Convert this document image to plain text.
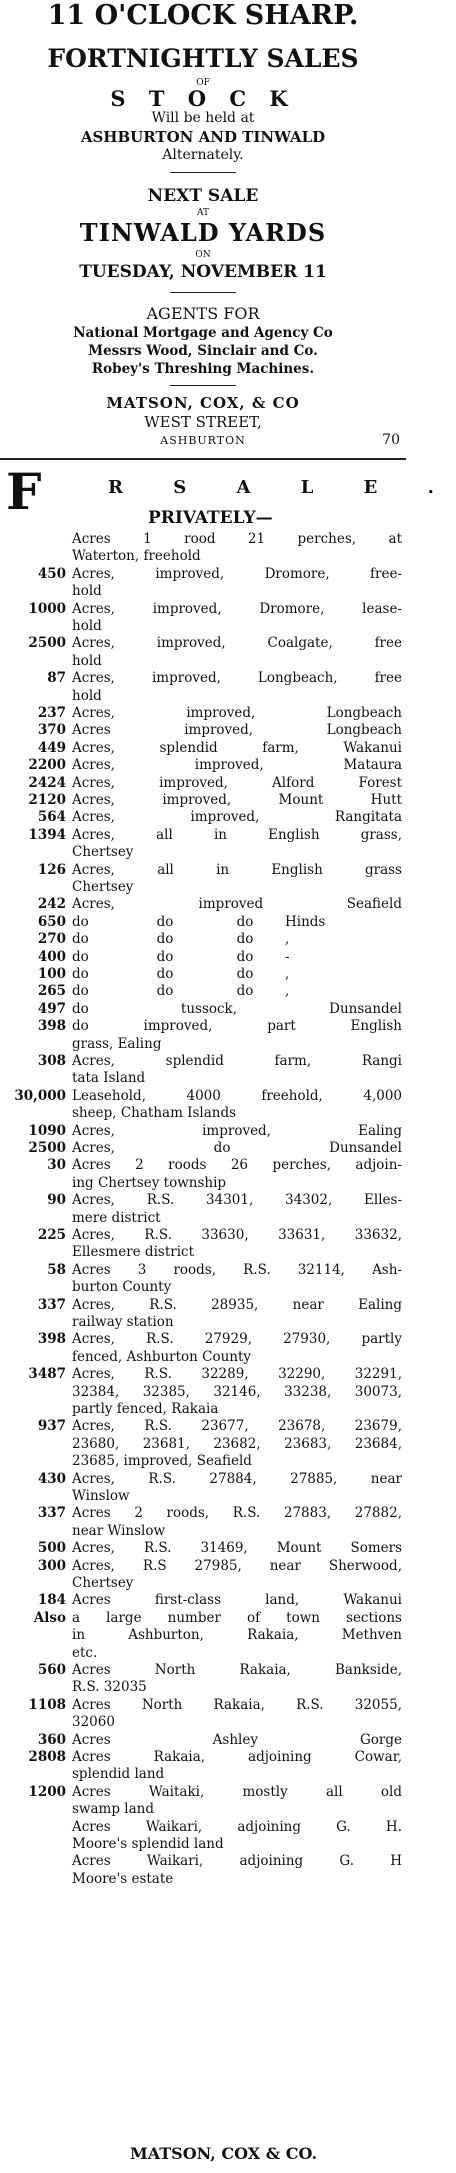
11 O'CLOCK SHARP.
FORTNIGHTLY SALES
OF
S T O C K
Will be held at
ASHBURTON AND TINWALD
Alternately.
NEXT SALE
AT
TINWALD YARDS
ON
TUESDAY, NOVEMBER 11
AGENTS FOR
National Mortgage and Agency Co
Messrs Wood, Sinclair and Co.
Robey's Threshing Machines.
MATSON, COX, & CO
WEST STREET,
ASHBURTON	70
F	R S A L E .
PRIVATELY—
Acres 1 rood 21 perches, at
Waterton, freehold
450 Acres, improved, Dromore, free-
hold
1000 Acres, improved, Dromore, lease-
hold
2500 Acres, improved, Coalgate, free
hold
87 Acres, improved, Longbeach, free
hold
237 Acres, improved, Longbeach
370 Acres improved, Longbeach
449 Acres, splendid farm, Wakanui
2200 Acres, improved, Mataura
2424 Acres, improved, Alford Forest
2120 Acres, improved, Mount Hutt
564 Acres, improved, Rangitata
1394 Acres, all in English grass,
Chertsey
126 Acres, all in English grass
Chertsey
242 Acres, improved Seafield
650 do	do	do	Hinds
270 do	do	do	,
400 do	do	do	-
100 do	do	do	,
265 do	do	do	,
497 do tussock, Dunsandel
398 do improved, part English
grass, Ealing
308 Acres, splendid farm, Rangi
tata Island
30,000 Leasehold, 4000 freehold, 4,000
sheep, Chatham Islands
1090 Acres, improved, Ealing
2500 Acres, do Dunsandel
30 Acres 2 roods 26 perches, adjoin-
ing Chertsey township
90 Acres, R.S. 34301, 34302, Elles-
mere district
225 Acres, R.S. 33630, 33631, 33632,
Ellesmere district
58 Acres 3 roods, R.S. 32114, Ash-
burton County
337 Acres, R.S. 28935, near Ealing
railway station
398 Acres, R.S. 27929, 27930, partly
fenced, Ashburton County
3487 Acres, R.S. 32289, 32290, 32291,
32384, 32385, 32146, 33238, 30073,
partly fenced, Rakaia
937 Acres, R.S. 23677, 23678, 23679,
23680, 23681, 23682, 23683, 23684,
23685, improved, Seafield
430 Acres, R.S. 27884, 27885, near
Winslow
337 Acres 2 roods, R.S. 27883, 27882,
near Winslow
500 Acres, R.S. 31469, Mount Somers
300 Acres, R.S 27985, near Sherwood,
Chertsey
184 Acres first-class land, Wakanui
Also a large number of town sections
in Ashburton, Rakaia, Methven
etc.
560 Acres North Rakaia, Bankside,
R.S. 32035
1108 Acres North Rakaia, R.S. 32055,
32060
360 Acres Ashley Gorge
2808 Acres Rakaia, adjoining Cowar,
splendid land
1200 Acres Waitaki, mostly all old
swamp land
Acres Waikari, adjoining G. H.
Moore's splendid land
Acres Waikari, adjoining G. H
Moore's estate
MATSON, COX & CO.
